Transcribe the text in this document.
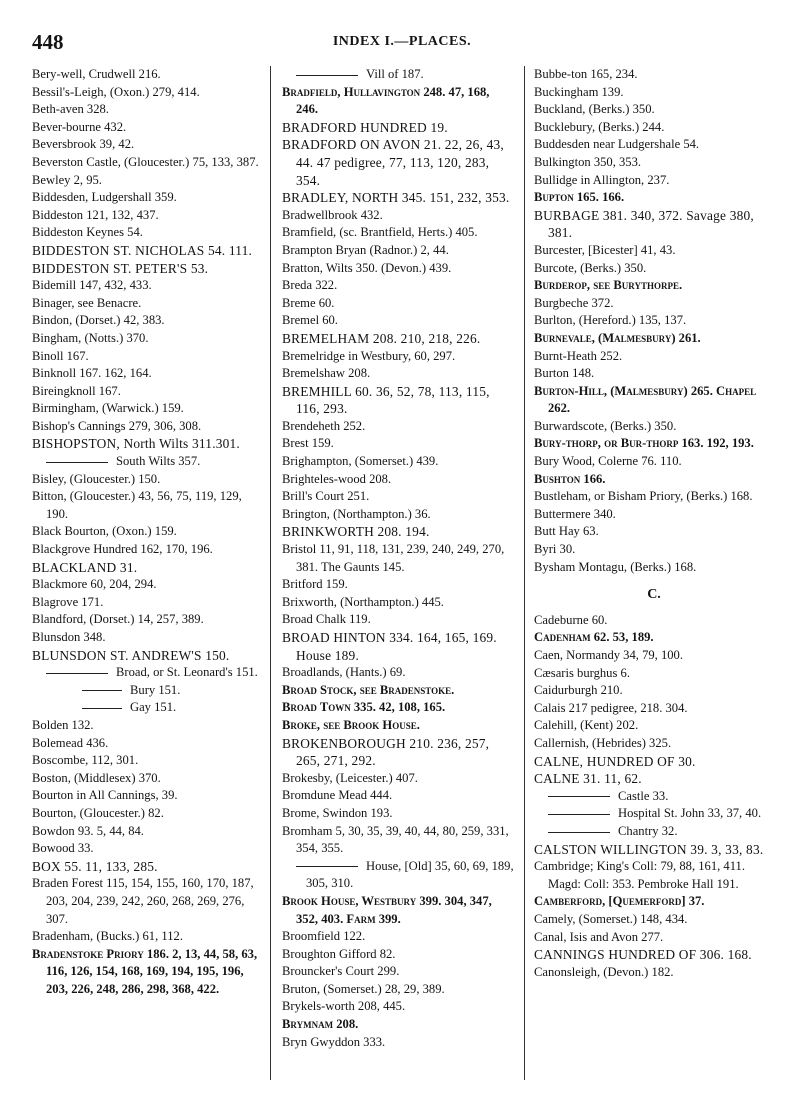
448	INDEX I.—PLACES.
Bery-well, Crudwell 216.
Bessil's-Leigh, (Oxon.) 279, 414.
Beth-aven 328.
Bever-bourne 432.
Beversbrook 39, 42.
Beverston Castle, (Gloucester.) 75, 133, 387.
Bewley 2, 95.
Biddesden, Ludgershall 359.
Biddeston 121, 132, 437.
Biddeston Keynes 54.
BIDDESTON ST. NICHOLAS 54. 111.
BIDDESTON ST. PETER'S 53.
Bidemill 147, 432, 433.
Binager, see Benacre.
Bindon, (Dorset.) 42, 383.
Bingham, (Notts.) 370.
Binoll 167.
Binknoll 167. 162, 164.
Bireingknoll 167.
Birmingham, (Warwick.) 159.
Bishop's Cannings 279, 306, 308.
BISHOPSTON, North Wilts 311.301.
South Wilts 357.
Bisley, (Gloucester.) 150.
Bitton, (Gloucester.) 43, 56, 75, 119, 129, 190.
Black Bourton, (Oxon.) 159.
Blackgrove Hundred 162, 170, 196.
BLACKLAND 31.
Blackmore 60, 204, 294.
Blagrove 171.
Blandford, (Dorset.) 14, 257, 389.
Blunsdon 348.
BLUNSDON ST. ANDREW'S 150.
Broad, or St. Leonard's 151.
Bury 151.
Gay 151.
Bolden 132.
Bolemead 436.
Boscombe, 112, 301.
Boston, (Middlesex) 370.
Bourton in All Cannings, 39.
Bourton, (Gloucester.) 82.
Bowdon 93. 5, 44, 84.
Bowood 33.
BOX 55. 11, 133, 285.
Braden Forest 115, 154, 155, 160, 170, 187, 203, 204, 239, 242, 260, 268, 269, 276, 307.
Bradenham, (Bucks.) 61, 112.
Bradenstoke Priory 186. 2, 13, 44, 58, 63, 116, 126, 154, 168, 169, 194, 195, 196, 203, 226, 248, 286, 298, 368, 422.
Vill of 187.
Bradfield, Hullavington 248. 47, 168, 246.
BRADFORD HUNDRED 19.
BRADFORD ON AVON 21. 22, 26, 43, 44. 47 pedigree, 77, 113, 120, 283, 354.
BRADLEY, NORTH 345. 151, 232, 353.
Bradwellbrook 432.
Bramfield, (sc. Brantfield, Herts.) 405.
Brampton Bryan (Radnor.) 2, 44.
Bratton, Wilts 350. (Devon.) 439.
Breda 322.
Breme 60.
Bremel 60.
BREMELHAM 208. 210, 218, 226.
Bremelridge in Westbury, 60, 297.
Bremelshaw 208.
BREMHILL 60. 36, 52, 78, 113, 115, 116, 293.
Brendeheth 252.
Brest 159.
Brighampton, (Somerset.) 439.
Brighteles-wood 208.
Brill's Court 251.
Brington, (Northampton.) 36.
BRINKWORTH 208. 194.
Bristol 11, 91, 118, 131, 239, 240, 249, 270, 381. The Gaunts 145.
Britford 159.
Brixworth, (Northampton.) 445.
Broad Chalk 119.
BROAD HINTON 334. 164, 165, 169. House 189.
Broadlands, (Hants.) 69.
Broad Stock, see Bradenstoke.
Broad Town 335. 42, 108, 165.
Broke, see Brook House.
BROKENBOROUGH 210. 236, 257, 265, 271, 292.
Brokesby, (Leicester.) 407.
Bromdune Mead 444.
Brome, Swindon 193.
Bromham 5, 30, 35, 39, 40, 44, 80, 259, 331, 354, 355.
House, [Old] 35, 60, 69, 189, 305, 310.
Brook House, Westbury 399. 304, 347, 352, 403. Farm 399.
Broomfield 122.
Broughton Gifford 82.
Brouncker's Court 299.
Bruton, (Somerset.) 28, 29, 389.
Brykels-worth 208, 445.
Brymnam 208.
Bryn Gwyddon 333.
Bubbe-ton 165, 234.
Buckingham 139.
Buckland, (Berks.) 350.
Bucklebury, (Berks.) 244.
Buddesden near Ludgershale 54.
Bulkington 350, 353.
Bullidge in Allington, 237.
Bupton 165. 166.
BURBAGE 381. 340, 372. Savage 380, 381.
Burcester, [Bicester] 41, 43.
Burcote, (Berks.) 350.
Burderop, see Burythorpe.
Burgbeche 372.
Burlton, (Hereford.) 135, 137.
Burnevale, (Malmesbury) 261.
Burnt-Heath 252.
Burton 148.
Burton-Hill, (Malmesbury) 265. Chapel 262.
Burwardscote, (Berks.) 350.
Bury-thorp, or Bur-thorp 163. 192, 193.
Bury Wood, Colerne 76. 110.
Bushton 166.
Bustleham, or Bisham Priory, (Berks.) 168.
Buttermere 340.
Butt Hay 63.
Byri 30.
Bysham Montagu, (Berks.) 168.
C.
Cadeburne 60.
Cadenham 62. 53, 189.
Caen, Normandy 34, 79, 100.
Cæsaris burghus 6.
Caidurburgh 210.
Calais 217 pedigree, 218. 304.
Calehill, (Kent) 202.
Callernish, (Hebrides) 325.
CALNE, HUNDRED OF 30.
CALNE 31. 11, 62.
Castle 33.
Hospital St. John 33, 37, 40.
Chantry 32.
CALSTON WILLINGTON 39. 3, 33, 83.
Cambridge; King's Coll: 79, 88, 161, 411. Magd: Coll: 353. Pembroke Hall 191.
Camberford, [Quemerford] 37.
Camely, (Somerset.) 148, 434.
Canal, Isis and Avon 277.
CANNINGS HUNDRED OF 306. 168.
Canonsleigh, (Devon.) 182.
